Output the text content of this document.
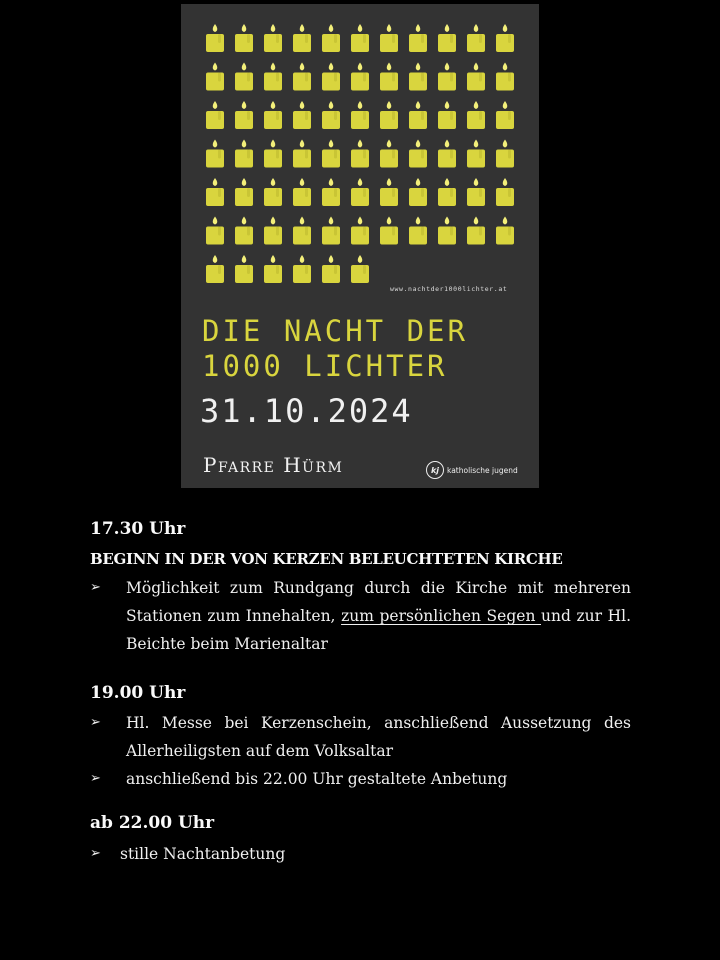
www.nachtder1000lichter.at
DIE NACHT DER
1000 LICHTER
31.10.2024
Pfarre Hürm	kj	katholische jugend
17.30 Uhr
BEGINN IN DER VON KERZEN BELEUCHTETEN KIRCHE
➢ Möglichkeit zum Rundgang durch die Kirche mit mehreren Stationen zum Innehalten, zum persönlichen Segen und zur Hl. Beichte beim Marienaltar
19.00 Uhr
➢ Hl. Messe bei Kerzenschein, anschließend Aussetzung des Allerheiligsten auf dem Volksaltar
➢ anschließend bis 22.00 Uhr gestaltete Anbetung
ab 22.00 Uhr
➢ stille Nachtanbetung
